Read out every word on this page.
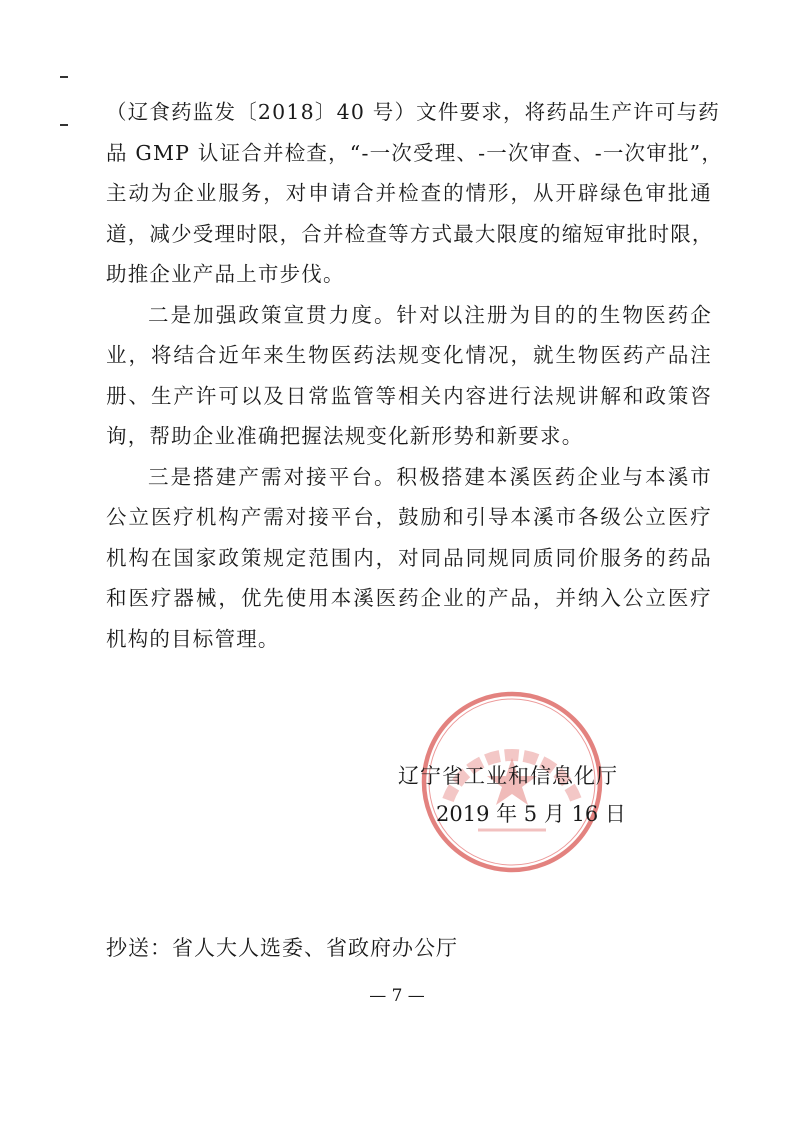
（辽食药监发〔2018〕40 号）文件要求，将药品生产许可与药
品 GMP 认证合并检查，“-一次受理、-一次审查、-一次审批”，
主动为企业服务，对申请合并检查的情形，从开辟绿色审批通
道，减少受理时限，合并检查等方式最大限度的缩短审批时限，
助推企业产品上市步伐。
二是加强政策宣贯力度。针对以注册为目的的生物医药企
业，将结合近年来生物医药法规变化情况，就生物医药产品注
册、生产许可以及日常监管等相关内容进行法规讲解和政策咨
询，帮助企业准确把握法规变化新形势和新要求。
三是搭建产需对接平台。积极搭建本溪医药企业与本溪市
公立医疗机构产需对接平台，鼓励和引导本溪市各级公立医疗
机构在国家政策规定范围内，对同品同规同质同价服务的药品
和医疗器械，优先使用本溪医药企业的产品，并纳入公立医疗
机构的目标管理。
辽宁省工业和信息化厅
2019 年 5 月 16 日
抄送：省人大人选委、省政府办公厅
— 7 —
